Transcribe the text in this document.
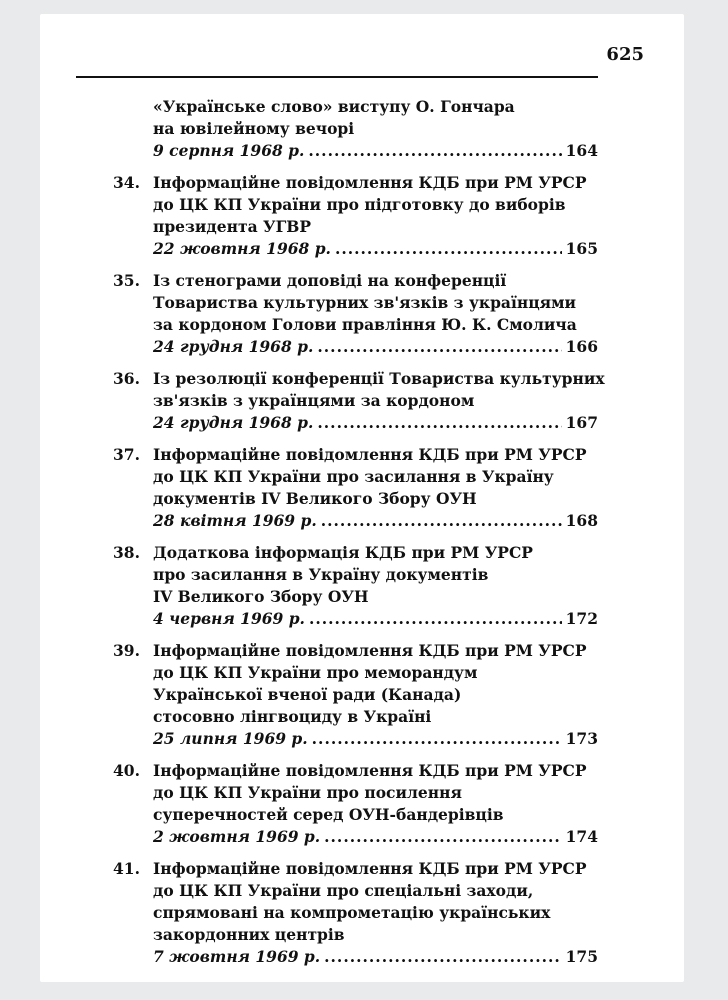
625
«Українське слово» виступу О. Гончара
на ювілейному вечорі
9 серпня 1968 р. .....	164
34. Інформаційне повідомлення КДБ при РМ УРСР
до ЦК КП України про підготовку до виборів
президента УГВР
22 жовтня 1968 р. .....	165
35. Із стенограми доповіді на конференції
Товариства культурних зв'язків з українцями
за кордоном Голови правління Ю. К. Смолича
24 грудня 1968 р. .....	166
36. Із резолюції конференції Товариства культурних
зв'язків з українцями за кордоном
24 грудня 1968 р. .....	167
37. Інформаційне повідомлення КДБ при РМ УРСР
до ЦК КП України про засилання в Україну
документів IV Великого Збору ОУН
28 квітня 1969 р. .....	168
38. Додаткова інформація КДБ при РМ УРСР
про засилання в Україну документів
IV Великого Збору ОУН
4 червня 1969 р. .....	172
39. Інформаційне повідомлення КДБ при РМ УРСР
до ЦК КП України про меморандум
Української вченої ради (Канада)
стосовно лінгвоциду в Україні
25 липня 1969 р. .....	173
40. Інформаційне повідомлення КДБ при РМ УРСР
до ЦК КП України про посилення
суперечностей серед ОУН-бандерівців
2 жовтня 1969 р. .....	174
41. Інформаційне повідомлення КДБ при РМ УРСР
до ЦК КП України про спеціальні заходи,
спрямовані на компрометацію українських
закордонних центрів
7 жовтня 1969 р. .....	175
